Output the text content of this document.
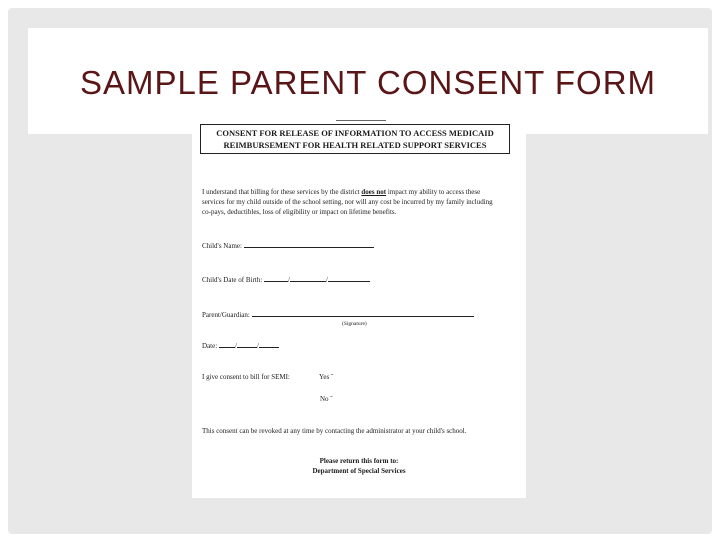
SAMPLE PARENT CONSENT FORM
CONSENT FOR RELEASE OF INFORMATION TO ACCESS MEDICAID
REIMBURSEMENT FOR HEALTH RELATED SUPPORT SERVICES
I understand that billing for these services by the district does not impact my ability to access these services for my child outside of the school setting, nor will any cost be incurred by my family including co-pays, deductibles, loss of eligibility or impact on lifetime benefits.
Child's Name:
Child's Date of Birth:	/	/
Parent/Guardian:
(Signature)
Date:	/	/
I give consent to bill for SEMI:	Yes ˆ
No ˆ
This consent can be revoked at any time by contacting the administrator at your child's school.
Please return this form to:
Department of Special Services
